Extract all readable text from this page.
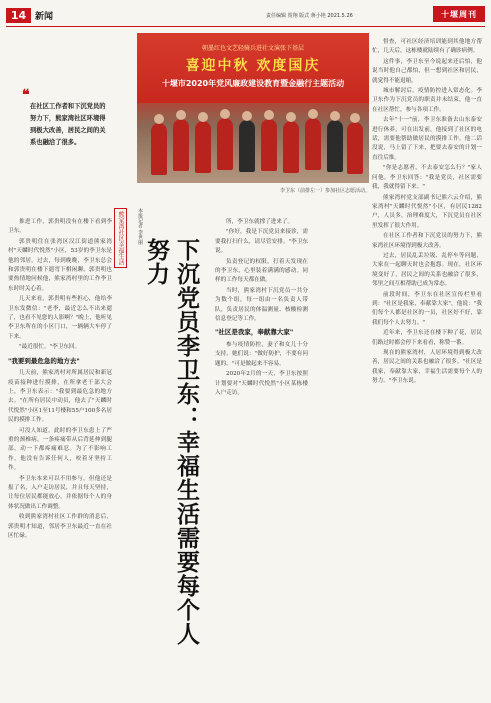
14 新闻	责任编辑 贺翔 版式 蒋小艳 2021.5.26	十堰周刊
朝墨红色文艺轻骑兵进社文演张下基层
喜迎中秋 欢度国庆
十堰市2020年党风廉政建设教育暨金融行主题活动
李卫东（前排左一）参加社区志愿活动。
❝
在社区工作者和下沉党员的努力下，熊家湾社区环境得到极大改善，居民之间的关系也融洽了很多。
熊家湾社区幸福生活	本报记者 李世丽
下沉党员李卫东：幸福生活需要每个人努力

推进工作，郭贵明没有在楼下看到李卫东。

郭贵明住在张湾区汉江街道熊家湾村"天麟时代悦然"小区，53岁的李卫东是他的邻居，过去，每到晚晚，李卫东总会和郭贵明在楼下遛弯下棋闲聊。郭贵明也要热情地问候他，熊家湾村里的工作李卫东时时关心着。

几天来看，郭贵明有些担心，他给李卫东发微信："老李，最近怎么不出来遛了，也看不见您的人影啊？"晚上，他听见李卫东所在的小区门口，一辆辆大车停了下来。

"最近很忙。"李卫东回。

"我要到最危急的地方去"

几天前，熊家湾村对所属居民和新冠疫苗接种进行摸排，在所拿老千部大会上，李卫东表示："我要到最危急的地方去。"在所有居民中动员，他去了"天麟时代悦然"小区1至11号楼和55户100多名居民的摸排工作。

可没人知道，此时的李卫东患上了严重的颈椎病，一条疼痛带从后背延伸到腿部，动一下都疼痛难忍。为了不影响工作，他没有告诉任何人，咬着牙坚持工作。

李卫东本来可以不用参与，但他还是报了名，入户走访居民，并且每天坚持，让每位居民都能放心，并依据每个人的身体状况做出工作调整。

收到熊家湾村社区工作群的消息后，郭贵明才知道，邻居李卫东最近一直在社区忙碌。

所，李卫东就撑了进来了。

"你好，我是下沉党员来接诊，需要我打扫什么，请尽管安排。"李卫东说。

负责登记的权限，打着天发现在的李卫东，心里装着满满的感动。同样的工作每天都在做。

当时，熊家湾村下沉党员一共分为数个组，每一组由一名负责人带队，负责居民的体温测量、核酸检测信息登记等工作。

"社区是我家，奉献靠大家"

参与疫情防控，妻子和女儿十分支持，她们说："做好防护，不要有问题的。"可是做起来不容易。

2020年2月的一天，李卫东按照计划要对"天麟时代悦然"小区某栋楼入户走访。

督查，可社区经济培训能到其他地方帮忙，几天后，这栋楼就陆续有了确诊病例。

这件事，李卫东至今说起来还后怕，他说当时他自己都怕，但一想到社区和居民，就觉得不能退缩。

城市解封后，疫情防控进入常态化。李卫东作为下沉党员的职责并未结束，他一直在社区帮忙，参与各项工作。

去年"十一"前，李卫东准备去山东泰安进行休养，可在出发前，他接到了社区的电话，需要他帮助做居民的摸排工作。他二话没说，马上留了下来，把要去泰安的计划一直往后推。

"你是志愿者，不去泰安怎么行？"家人问他。李卫东回答："我是党员，社区需要我，我就得留下来。"

熊家湾村党支部副书记熊六云介绍，熊家湾村"天麟时代悦然"小区，有居民1282户，人员多，治理难度大，下沉党员在社区里发挥了很大作用。

在社区工作者和下沉党员的努力下，熊家湾社区环境得到极大改善。

过去，居民乱丢垃圾、乱停车等问题，大家在一起聊天时也会抱怨。现在，社区环境变好了，居民之间的关系也融洽了很多，邻里之间互相帮助已成为常态。

前段时间，李卫东在社区宣传栏里看到："社区是我家，奉献靠大家"，他说："我们每个人都是社区的一员，社区好不好，靠我们每个人去努力。"

近年来，李卫东还在楼下种了花，居民们路过时都会停下来看看，称赞一番。

现在的熊家湾村，人居环境得到极大改善，居民之间的关系也融洽了很多。"社区是我家，奉献靠大家，幸福生活需要每个人的努力。"李卫东说。
